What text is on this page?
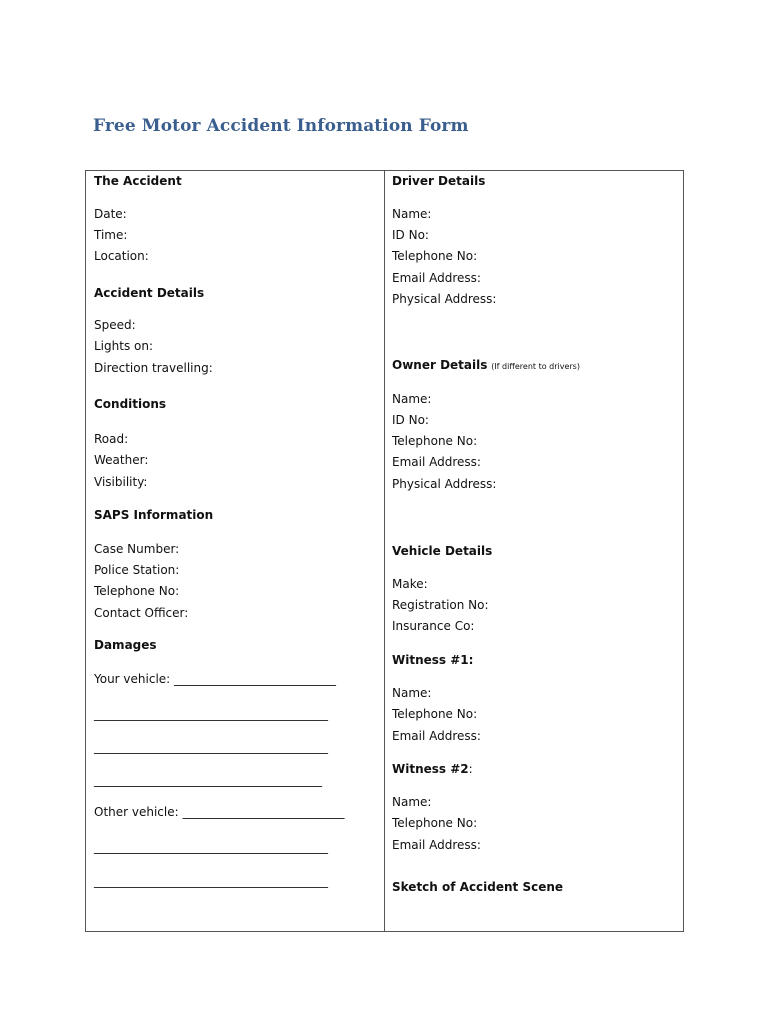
Free Motor Accident Information Form
The Accident
Date:
Time:
Location:
Accident Details
Speed:
Lights on:
Direction travelling:
Conditions
Road:
Weather:
Visibility:
SAPS Information
Case Number:
Police Station:
Telephone No:
Contact Officer:
Damages
Your vehicle: ___________________________
_______________________________________
_______________________________________
______________________________________
Other vehicle: ___________________________
_______________________________________
_______________________________________
Driver Details
Name:
ID No:
Telephone No:
Email Address:
Physical Address:
Owner Details (If different to drivers)
Name:
ID No:
Telephone No:
Email Address:
Physical Address:
Vehicle Details
Make:
Registration No:
Insurance Co:
Witness #1:
Name:
Telephone No:
Email Address:
Witness #2:
Name:
Telephone No:
Email Address:
Sketch of Accident Scene
